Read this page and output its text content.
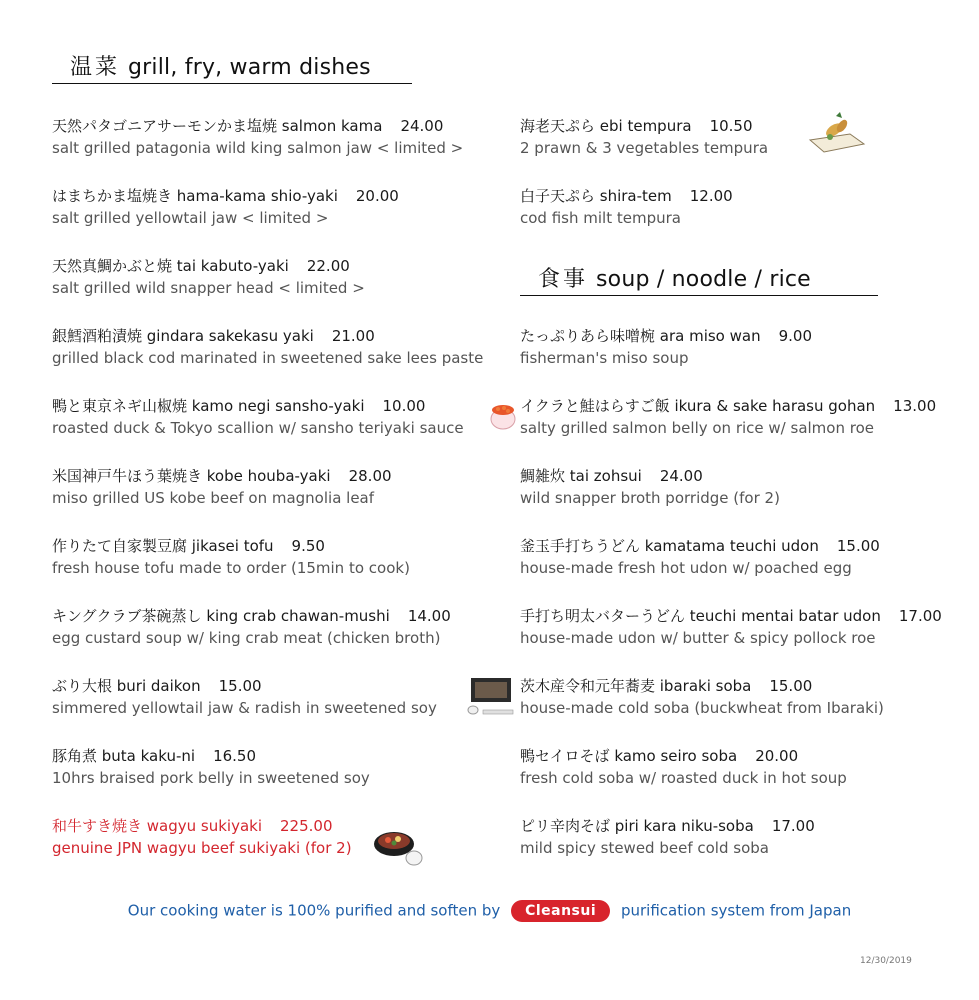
温菜 grill, fry, warm dishes
食事 soup / noodle / rice
天然パタゴニアサーモンかま塩焼 salmon kama 24.00
salt grilled patagonia wild king salmon jaw < limited >
はまちかま塩焼き hama-kama shio-yaki 20.00
salt grilled yellowtail jaw < limited >
天然真鯛かぶと焼 tai kabuto-yaki 22.00
salt grilled wild snapper head < limited >
銀鱈酒粕漬焼 gindara sakekasu yaki 21.00
grilled black cod marinated in sweetened sake lees paste
鴨と東京ネギ山椒焼 kamo negi sansho-yaki 10.00
roasted duck & Tokyo scallion w/ sansho teriyaki sauce
米国神戸牛ほう葉焼き kobe houba-yaki 28.00
miso grilled US kobe beef on magnolia leaf
作りたて自家製豆腐 jikasei tofu 9.50
fresh house tofu made to order (15min to cook)
キングクラブ茶碗蒸し king crab chawan-mushi 14.00
egg custard soup w/ king crab meat (chicken broth)
ぶり大根 buri daikon 15.00
simmered yellowtail jaw & radish in sweetened soy
豚角煮 buta kaku-ni 16.50
10hrs braised pork belly in sweetened soy
和牛すき焼き wagyu sukiyaki 225.00
genuine JPN wagyu beef sukiyaki (for 2)
海老天ぷら ebi tempura 10.50
2 prawn & 3 vegetables tempura
白子天ぷら shira-tem 12.00
cod fish milt tempura
たっぷりあら味噌椀 ara miso wan 9.00
fisherman's miso soup
イクラと鮭はらすご飯 ikura & sake harasu gohan 13.00
salty grilled salmon belly on rice w/ salmon roe
鯛雑炊 tai zohsui 24.00
wild snapper broth porridge (for 2)
釜玉手打ちうどん kamatama teuchi udon 15.00
house-made fresh hot udon w/ poached egg
手打ち明太バターうどん teuchi mentai batar udon 17.00
house-made udon w/ butter & spicy pollock roe
茨木産令和元年蕎麦 ibaraki soba 15.00
house-made cold soba (buckwheat from Ibaraki)
鴨セイロそば kamo seiro soba 20.00
fresh cold soba w/ roasted duck in hot soup
ピリ辛肉そば piri kara niku-soba 17.00
mild spicy stewed beef cold soba
Our cooking water is 100% purified and soften by Cleansui purification system from Japan
12/30/2019
